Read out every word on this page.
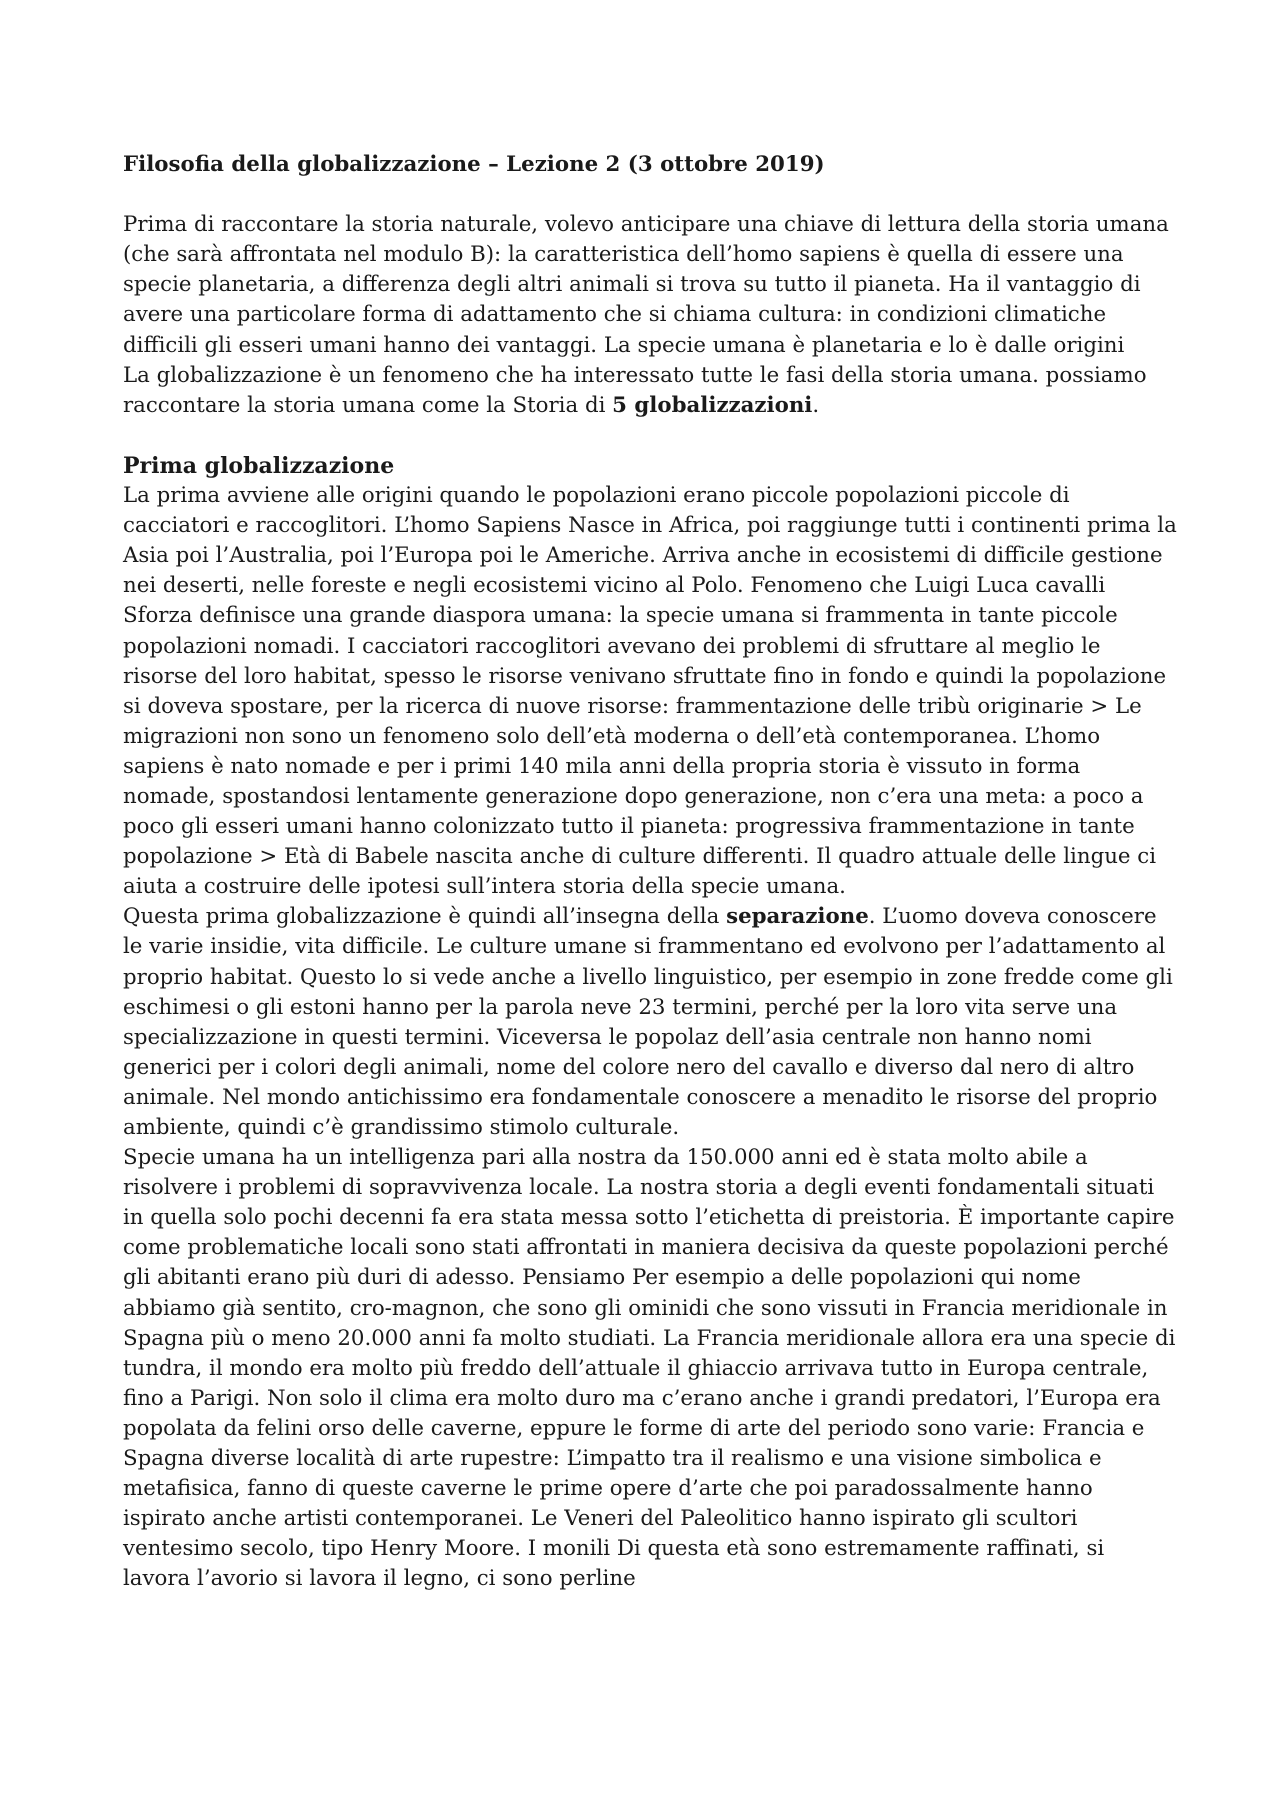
Filosofia della globalizzazione – Lezione 2 (3 ottobre 2019)

Prima di raccontare la storia naturale, volevo anticipare una chiave di lettura della storia umana (che sarà affrontata nel modulo B): la caratteristica dell’homo sapiens è quella di essere una specie planetaria, a differenza degli altri animali si trova su tutto il pianeta. Ha il vantaggio di avere una particolare forma di adattamento che si chiama cultura: in condizioni climatiche difficili gli esseri umani hanno dei vantaggi. La specie umana è planetaria e lo è dalle origini

La globalizzazione è un fenomeno che ha interessato tutte le fasi della storia umana. possiamo raccontare la storia umana come la Storia di 5 globalizzazioni.

Prima globalizzazione

La prima avviene alle origini quando le popolazioni erano piccole popolazioni piccole di cacciatori e raccoglitori. L’homo Sapiens Nasce in Africa, poi raggiunge tutti i continenti prima la Asia poi l’Australia, poi l’Europa poi le Americhe. Arriva anche in ecosistemi di difficile gestione nei deserti, nelle foreste e negli ecosistemi vicino al Polo. Fenomeno che Luigi Luca cavalli Sforza definisce una grande diaspora umana: la specie umana si frammenta in tante piccole popolazioni nomadi. I cacciatori raccoglitori avevano dei problemi di sfruttare al meglio le risorse del loro habitat, spesso le risorse venivano sfruttate fino in fondo e quindi la popolazione si doveva spostare, per la ricerca di nuove risorse: frammentazione delle tribù originarie > Le migrazioni non sono un fenomeno solo dell’età moderna o dell’età contemporanea. L’homo sapiens è nato nomade e per i primi 140 mila anni della propria storia è vissuto in forma nomade, spostandosi lentamente generazione dopo generazione, non c’era una meta: a poco a poco gli esseri umani hanno colonizzato tutto il pianeta: progressiva frammentazione in tante popolazione > Età di Babele nascita anche di culture differenti. Il quadro attuale delle lingue ci aiuta a costruire delle ipotesi sull’intera storia della specie umana.

Questa prima globalizzazione è quindi all’insegna della separazione. L’uomo doveva conoscere le varie insidie, vita difficile. Le culture umane si frammentano ed evolvono per l’adattamento al proprio habitat. Questo lo si vede anche a livello linguistico, per esempio in zone fredde come gli eschimesi o gli estoni hanno per la parola neve 23 termini, perché per la loro vita serve una specializzazione in questi termini. Viceversa le popolaz dell’asia centrale non hanno nomi generici per i colori degli animali, nome del colore nero del cavallo e diverso dal nero di altro animale. Nel mondo antichissimo era fondamentale conoscere a menadito le risorse del proprio ambiente, quindi c’è grandissimo stimolo culturale.

Specie umana ha un intelligenza pari alla nostra da 150.000 anni ed è stata molto abile a risolvere i problemi di sopravvivenza locale. La nostra storia a degli eventi fondamentali situati in quella solo pochi decenni fa era stata messa sotto l’etichetta di preistoria. È importante capire come problematiche locali sono stati affrontati in maniera decisiva da queste popolazioni perché gli abitanti erano più duri di adesso. Pensiamo Per esempio a delle popolazioni qui nome abbiamo già sentito, cro-magnon, che sono gli ominidi che sono vissuti in Francia meridionale in Spagna più o meno 20.000 anni fa molto studiati. La Francia meridionale allora era una specie di tundra, il mondo era molto più freddo dell’attuale il ghiaccio arrivava tutto in Europa centrale, fino a Parigi. Non solo il clima era molto duro ma c’erano anche i grandi predatori, l’Europa era popolata da felini orso delle caverne, eppure le forme di arte del periodo sono varie: Francia e Spagna diverse località di arte rupestre: L’impatto tra il realismo e una visione simbolica e metafisica, fanno di queste caverne le prime opere d’arte che poi paradossalmente hanno ispirato anche artisti contemporanei. Le Veneri del Paleolitico hanno ispirato gli scultori ventesimo secolo, tipo Henry Moore. I monili Di questa età sono estremamente raffinati, si lavora l’avorio si lavora il legno, ci sono perline
